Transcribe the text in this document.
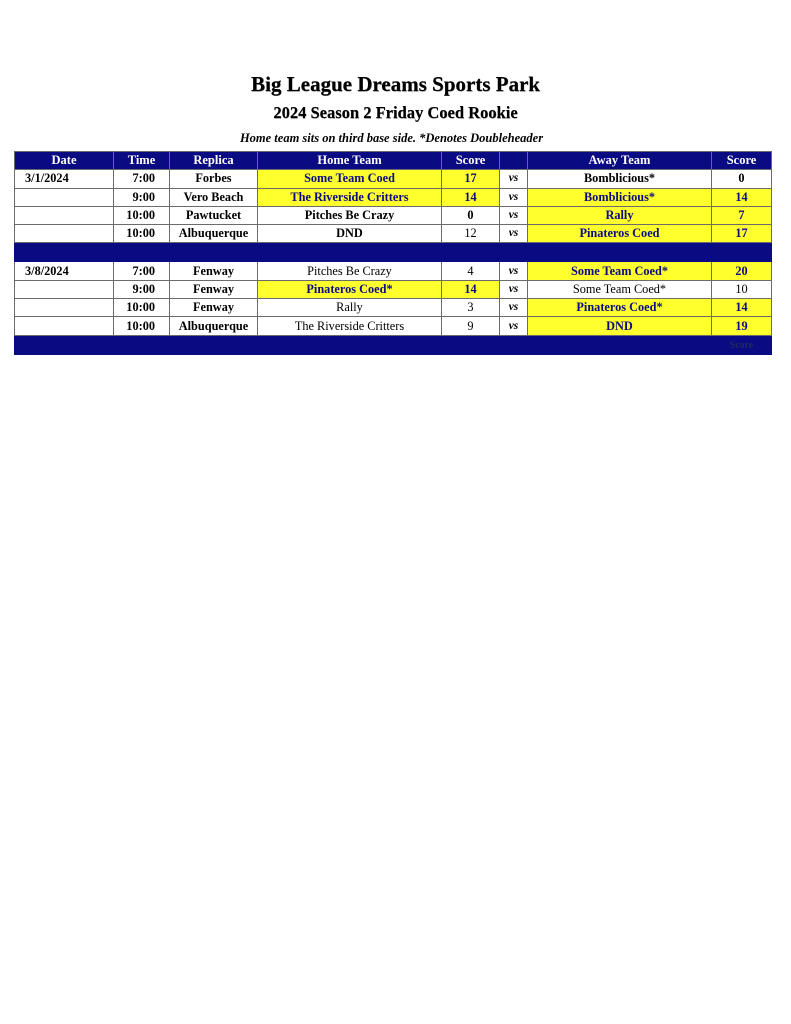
Big League Dreams Sports Park
2024 Season 2 Friday Coed Rookie
Home team sits on third base side. *Denotes Doubleheader
Date	Time	Replica	Home Team	Score		Away Team	Score
3/1/2024	7:00	Forbes	Some Team Coed	17	vs	Bomblicious*	0
	9:00	Vero Beach	The Riverside Critters	14	vs	Bomblicious*	14
	10:00	Pawtucket	Pitches Be Crazy	0	vs	Rally	7
	10:00	Albuquerque	DND	12	vs	Pinateros Coed	17

3/8/2024	7:00	Fenway	Pitches Be Crazy	4	vs	Some Team Coed*	20
	9:00	Fenway	Pinateros Coed*	14	vs	Some Team Coed*	10
	10:00	Fenway	Rally	3	vs	Pinateros Coed*	14
	10:00	Albuquerque	The Riverside Critters	9	vs	DND	19
							Score
